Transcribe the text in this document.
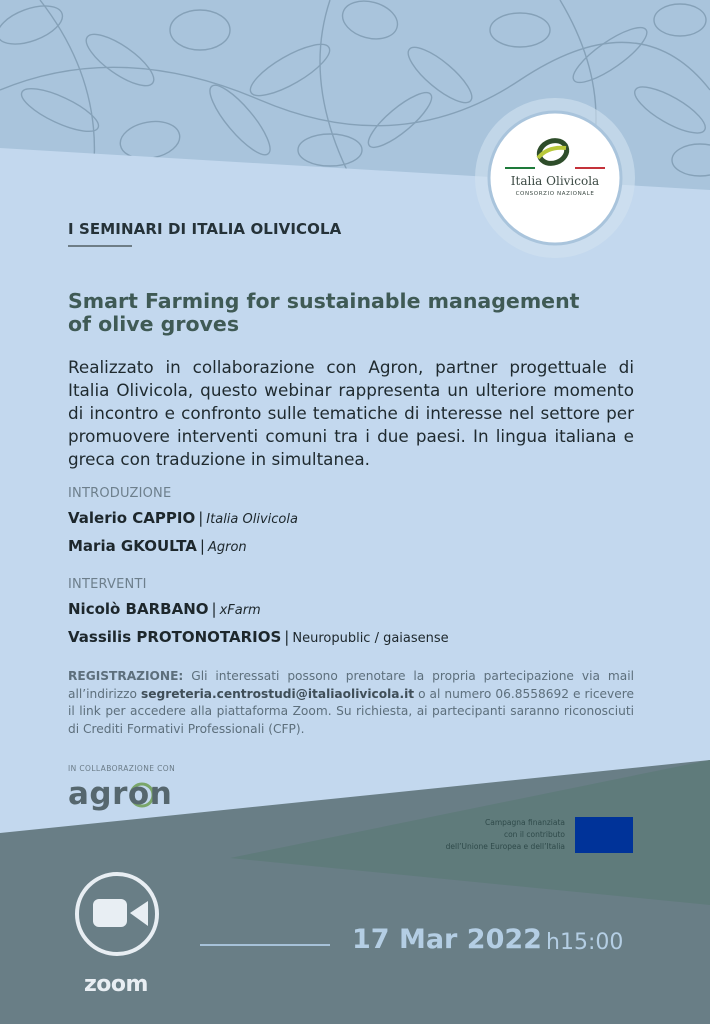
Italia Olivicola
CONSORZIO NAZIONALE
I SEMINARI DI ITALIA OLIVICOLA
Smart Farming for sustainable management
of olive groves
Realizzato in collaborazione con Agron, partner progettuale di Italia Olivicola, questo webinar rappresenta un ulteriore momento di incontro e confronto sulle tematiche di interesse nel settore per promuovere interventi comuni tra i due paesi. In lingua italiana e greca con traduzione in simultanea.
INTRODUZIONE
Valerio CAPPIO | Italia Olivicola
Maria GKOULTA | Agron
INTERVENTI
Nicolò BARBANO | xFarm
Vassilis PROTONOTARIOS | Neuropublic / gaiasense
REGISTRAZIONE: Gli interessati possono prenotare la propria partecipazione via mail all’indirizzo segreteria.centrostudi@italiaolivicola.it o al numero 06.8558692 e ricevere il link per accedere alla piattaforma Zoom. Su richiesta, ai partecipanti saranno riconosciuti di Crediti Formativi Professionali (CFP).
IN COLLABORAZIONE CON
agron
Campagna finanziata
con il contributo
dell’Unione Europea e dell’Italia
zoom
17 Mar 2022 h15:00
